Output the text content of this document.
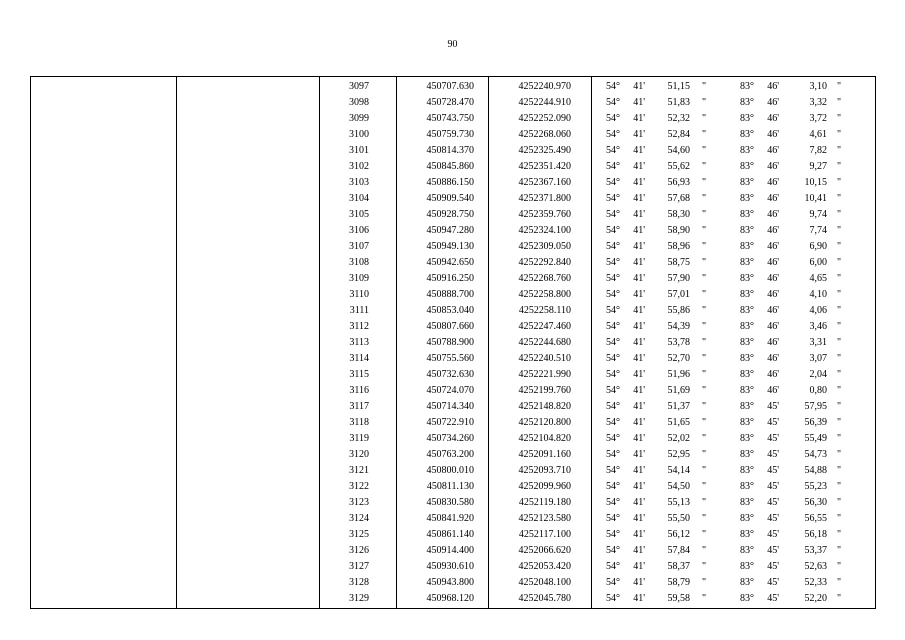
90
3097	450707.630	4252240.970	54°	41'	51,15 "	83°	46'	3,10 "
3098	450728.470	4252244.910	54°	41'	51,83 "	83°	46'	3,32 "
3099	450743.750	4252252.090	54°	41'	52,32 "	83°	46'	3,72 "
3100	450759.730	4252268.060	54°	41'	52,84 "	83°	46'	4,61 "
3101	450814.370	4252325.490	54°	41'	54,60 "	83°	46'	7,82 "
3102	450845.860	4252351.420	54°	41'	55,62 "	83°	46'	9,27 "
3103	450886.150	4252367.160	54°	41'	56,93 "	83°	46'	10,15 "
3104	450909.540	4252371.800	54°	41'	57,68 "	83°	46'	10,41 "
3105	450928.750	4252359.760	54°	41'	58,30 "	83°	46'	9,74 "
3106	450947.280	4252324.100	54°	41'	58,90 "	83°	46'	7,74 "
3107	450949.130	4252309.050	54°	41'	58,96 "	83°	46'	6,90 "
3108	450942.650	4252292.840	54°	41'	58,75 "	83°	46'	6,00 "
3109	450916.250	4252268.760	54°	41'	57,90 "	83°	46'	4,65 "
3110	450888.700	4252258.800	54°	41'	57,01 "	83°	46'	4,10 "
3111	450853.040	4252258.110	54°	41'	55,86 "	83°	46'	4,06 "
3112	450807.660	4252247.460	54°	41'	54,39 "	83°	46'	3,46 "
3113	450788.900	4252244.680	54°	41'	53,78 "	83°	46'	3,31 "
3114	450755.560	4252240.510	54°	41'	52,70 "	83°	46'	3,07 "
3115	450732.630	4252221.990	54°	41'	51,96 "	83°	46'	2,04 "
3116	450724.070	4252199.760	54°	41'	51,69 "	83°	46'	0,80 "
3117	450714.340	4252148.820	54°	41'	51,37 "	83°	45'	57,95 "
3118	450722.910	4252120.800	54°	41'	51,65 "	83°	45'	56,39 "
3119	450734.260	4252104.820	54°	41'	52,02 "	83°	45'	55,49 "
3120	450763.200	4252091.160	54°	41'	52,95 "	83°	45'	54,73 "
3121	450800.010	4252093.710	54°	41'	54,14 "	83°	45'	54,88 "
3122	450811.130	4252099.960	54°	41'	54,50 "	83°	45'	55,23 "
3123	450830.580	4252119.180	54°	41'	55,13 "	83°	45'	56,30 "
3124	450841.920	4252123.580	54°	41'	55,50 "	83°	45'	56,55 "
3125	450861.140	4252117.100	54°	41'	56,12 "	83°	45'	56,18 "
3126	450914.400	4252066.620	54°	41'	57,84 "	83°	45'	53,37 "
3127	450930.610	4252053.420	54°	41'	58,37 "	83°	45'	52,63 "
3128	450943.800	4252048.100	54°	41'	58,79 "	83°	45'	52,33 "
3129	450968.120	4252045.780	54°	41'	59,58 "	83°	45'	52,20 "
